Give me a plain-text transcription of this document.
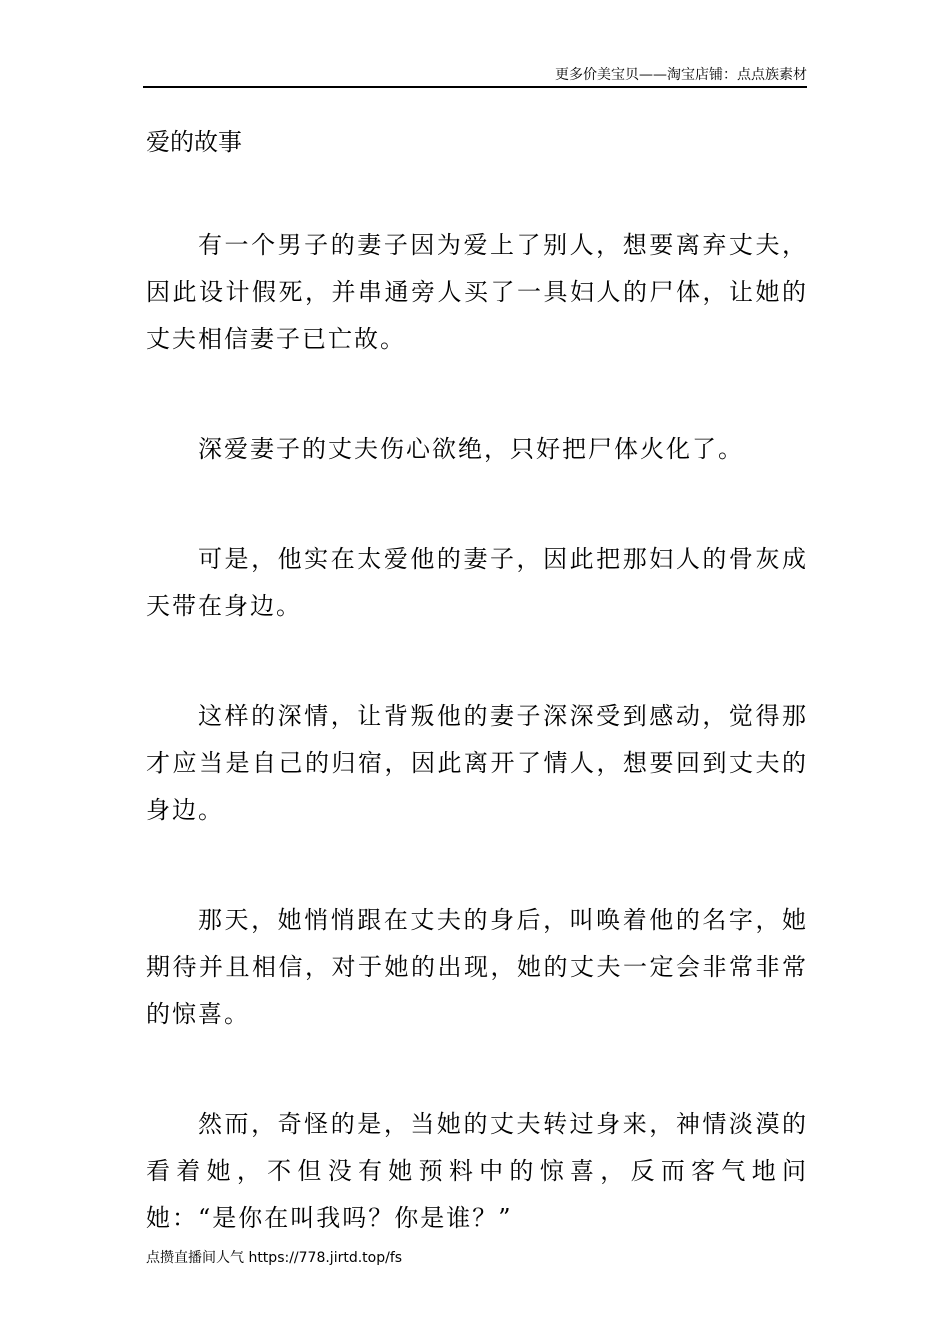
更多价美宝贝——淘宝店铺：点点族素材
爱的故事

有一个男子的妻子因为爱上了别人，想要离弃丈夫，因此设计假死，并串通旁人买了一具妇人的尸体，让她的丈夫相信妻子已亡故。

深爱妻子的丈夫伤心欲绝，只好把尸体火化了。

可是，他实在太爱他的妻子，因此把那妇人的骨灰成天带在身边。

这样的深情，让背叛他的妻子深深受到感动，觉得那才应当是自己的归宿，因此离开了情人，想要回到丈夫的身边。

那天，她悄悄跟在丈夫的身后，叫唤着他的名字，她期待并且相信，对于她的出现，她的丈夫一定会非常非常的惊喜。

然而，奇怪的是，当她的丈夫转过身来，神情淡漠的看着她，不但没有她预料中的惊喜，反而客气地问她：“是你在叫我吗？你是谁？”

点攒直播间人气 https://778.jirtd.top/fs
